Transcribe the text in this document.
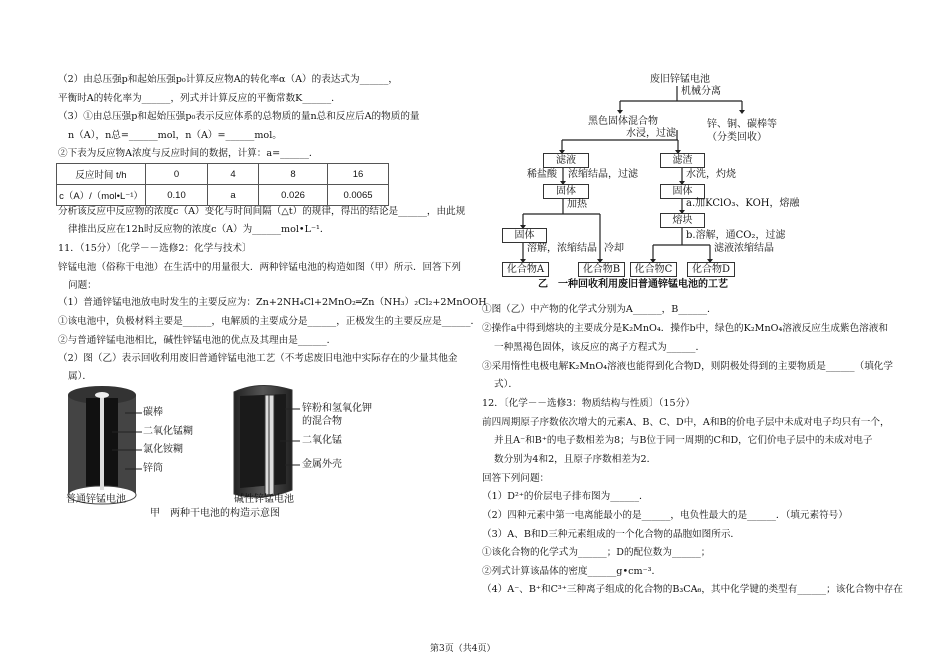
（2）由总压强p和起始压强p₀计算反应物A的转化率α（A）的表达式为______，
平衡时A的转化率为______，列式并计算反应的平衡常数K______．
（3）①由总压强p和起始压强p₀表示反应体系的总物质的量n总和反应后A的物质的量
n（A），n总=______mol，n（A）=______mol。
②下表为反应物A浓度与反应时间的数据，计算：a=______．
分析该反应中反应物的浓度c（A）变化与时间间隔（△t）的规律，得出的结论是______，由此规
律推出反应在12h时反应物的浓度c（A）为______mol•L⁻¹．
11．（15分）〔化学－－选修2：化学与技术〕
锌锰电池（俗称干电池）在生活中的用量很大．两种锌锰电池的构造如图（甲）所示．回答下列
问题：
（1）普通锌锰电池放电时发生的主要反应为：Zn+2NH₄Cl+2MnO₂═Zn（NH₃）₂Cl₂+2MnOOH
①该电池中，负极材料主要是______，电解质的主要成分是______，正极发生的主要反应是______．
②与普通锌锰电池相比，碱性锌锰电池的优点及其理由是______．
（2）图（乙）表示回收利用废旧普通锌锰电池工艺（不考虑废旧电池中实际存在的少量其他金
属）．
反应时间 t/h	0	4	8	16
c（A）/（mol•L⁻¹）	0.10	a	0.026	0.0065
①图（乙）中产物的化学式分别为A______，B______．
②操作a中得到熔块的主要成分是K₂MnO₄．操作b中，绿色的K₂MnO₄溶液反应生成紫色溶液和
一种黑褐色固体，该反应的离子方程式为______．
③采用惰性电极电解K₂MnO₄溶液也能得到化合物D，则阴极处得到的主要物质是______（填化学
式）．
12．〔化学－－选修3：物质结构与性质〕（15分）
前四周期原子序数依次增大的元素A、B、C、D中，A和B的价电子层中未成对电子均只有一个，
并且A⁻和B⁺的电子数相差为8；与B位于同一周期的C和D，它们价电子层中的未成对电子
数分别为4和2，且原子序数相差为2．
回答下列问题：
（1）D²⁺的价层电子排布图为______．
（2）四种元素中第一电离能最小的是______，电负性最大的是______．（填元素符号）
（3）A、B和D三种元素组成的一个化合物的晶胞如图所示．
①该化合物的化学式为______；D的配位数为______；
②列式计算该晶体的密度______g•cm⁻³．
（4）A⁻、B⁺和C³⁺三种离子组成的化合物的B₃CA₆，其中化学键的类型有______；该化合物中存在
碳棒
二氧化锰糊
氯化铵糊
锌筒
普通锌锰电池
锌粉和氢氧化钾
的混合物
二氧化锰
金属外壳
碱性锌锰电池
甲　两种干电池的构造示意图
废旧锌锰电池
机械分离
黑色固体混合物	锌、铜、碳棒等
（分类回收）
水浸，过滤
滤液	滤渣
稀盐酸 浓缩结晶，过滤	水洗，灼烧
固体	固体
加热	a.加KClO₃、KOH，熔融
熔块
固体	b.溶解，通CO₂，过滤
溶解，浓缩结晶 冷却	滤液浓缩结晶
化合物A	化合物B	化合物C	化合物D
乙　一种回收利用废旧普通锌锰电池的工艺
第3页（共4页）
